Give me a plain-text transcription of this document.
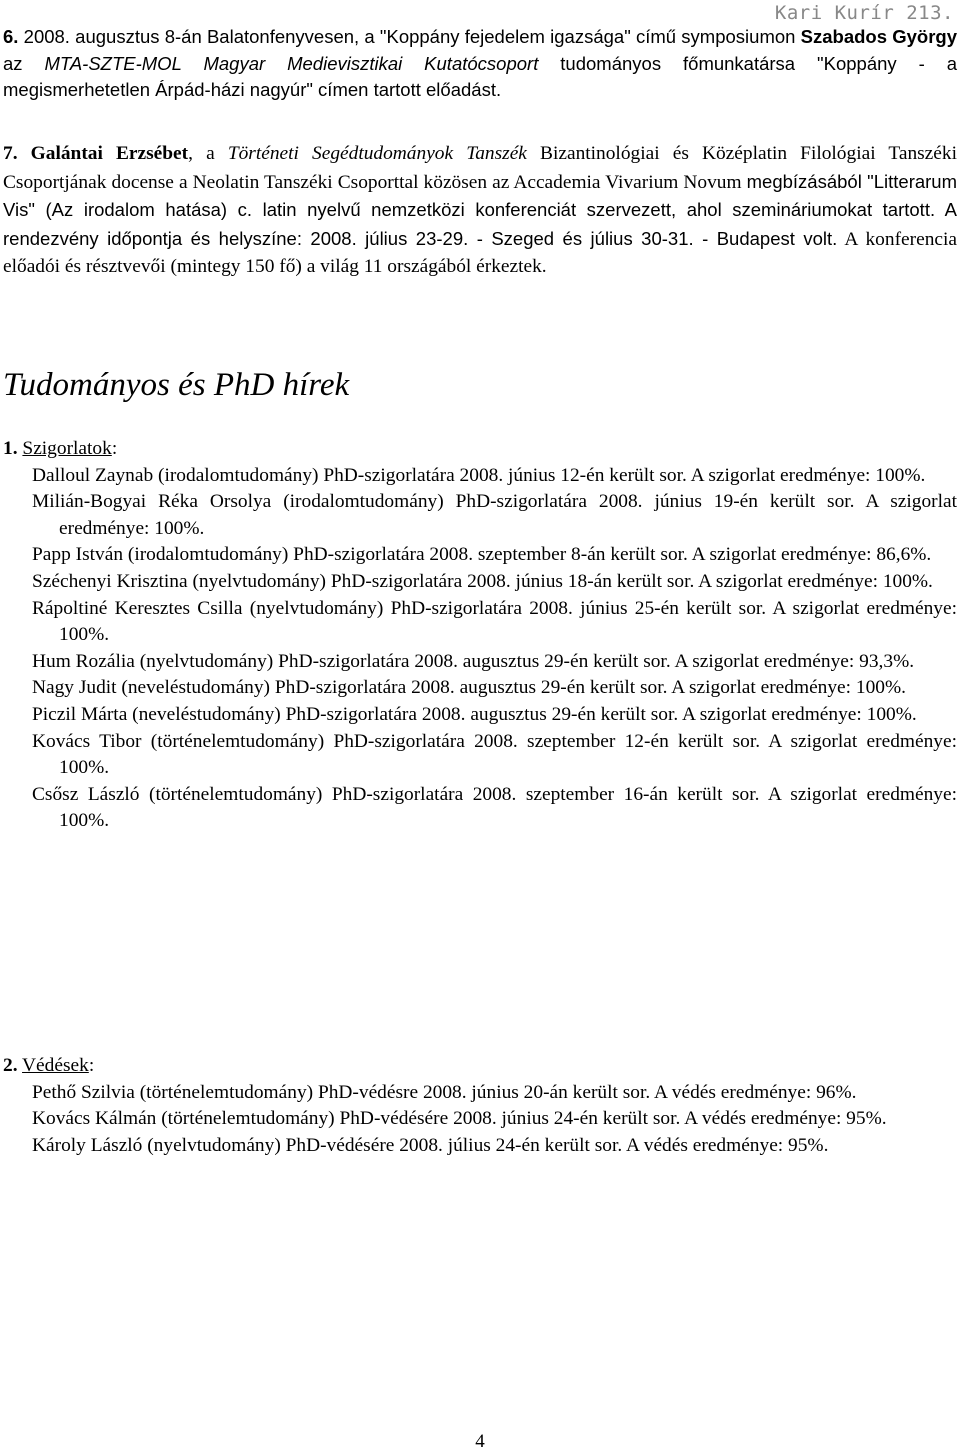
Kari Kurír 213.

6. 2008. augusztus 8-án Balatonfenyvesen, a "Koppány fejedelem igazsága" című symposiumon Szabados György az MTA-SZTE-MOL Magyar Medievisztikai Kutatócsoport tudományos főmunkatársa "Koppány - a megismerhetetlen Árpád-házi nagyúr" címen tartott előadást.

7. Galántai Erzsébet, a Történeti Segédtudományok Tanszék Bizantinológiai és Középlatin Filológiai Tanszéki Csoportjának docense a Neolatin Tanszéki Csoporttal közösen az Accademia Vivarium Novum megbízásából "Litterarum Vis" (Az irodalom hatása) c. latin nyelvű nemzetközi konferenciát szervezett, ahol szemináriumokat tartott. A rendezvény időpontja és helyszíne: 2008. július 23-29. - Szeged és július 30-31. - Budapest volt. A konferencia előadói és résztvevői (mintegy 150 fő) a világ 11 országából érkeztek.

Tudományos és PhD hírek

1. Szigorlatok:

Dalloul Zaynab (irodalomtudomány) PhD-szigorlatára 2008. június 12-én került sor. A szigorlat eredménye: 100%.

Milián-Bogyai Réka Orsolya (irodalomtudomány) PhD-szigorlatára 2008. június 19-én került sor. A szigorlat eredménye: 100%.

Papp István (irodalomtudomány) PhD-szigorlatára 2008. szeptember 8-án került sor. A szigorlat eredménye: 86,6%.

Széchenyi Krisztina (nyelvtudomány) PhD-szigorlatára 2008. június 18-án került sor. A szigorlat eredménye: 100%.

Rápoltiné Keresztes Csilla (nyelvtudomány) PhD-szigorlatára 2008. június 25-én került sor. A szigorlat eredménye: 100%.

Hum Rozália (nyelvtudomány) PhD-szigorlatára 2008. augusztus 29-én került sor. A szigorlat eredménye: 93,3%.

Nagy Judit (neveléstudomány) PhD-szigorlatára 2008. augusztus 29-én került sor. A szigorlat eredménye: 100%.

Piczil Márta (neveléstudomány) PhD-szigorlatára 2008. augusztus 29-én került sor. A szigorlat eredménye: 100%.

Kovács Tibor (történelemtudomány) PhD-szigorlatára 2008. szeptember 12-én került sor. A szigorlat eredménye: 100%.

Csősz László (történelemtudomány) PhD-szigorlatára 2008. szeptember 16-án került sor. A szigorlat eredménye: 100%.

2. Védések:

Pethő Szilvia (történelemtudomány) PhD-védésre 2008. június 20-án került sor. A védés eredménye: 96%.

Kovács Kálmán (történelemtudomány) PhD-védésére 2008. június 24-én került sor. A védés eredménye: 95%.

Károly László (nyelvtudomány) PhD-védésére 2008. július 24-én került sor. A védés eredménye: 95%.

4
